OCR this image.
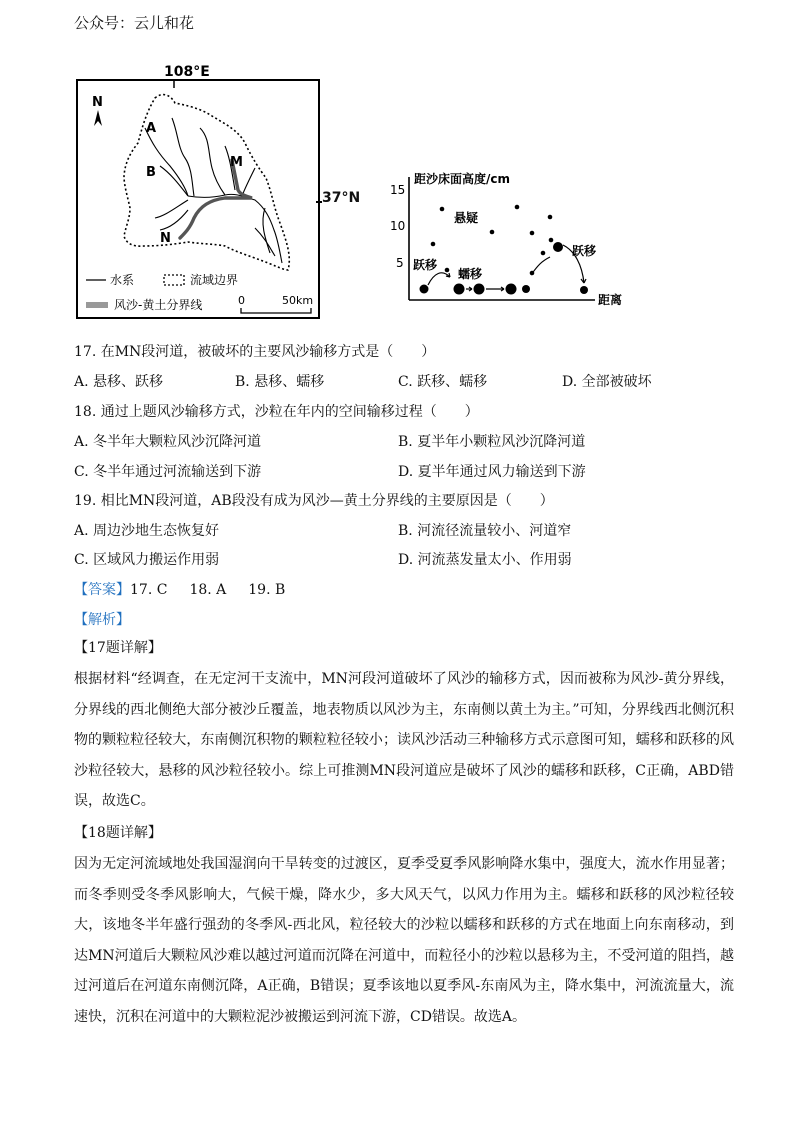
公众号：云儿和花
108°E
N
A
B
M
N
水系	流域边界
风沙-黄土分界线	0	50km
37°N
距沙床面高度/cm
15
10
5
距离
悬疑
跃移
蠕移
跃移
17. 在MN段河道，被破坏的主要风沙输移方式是（　　）
A. 悬移、跃移	B. 悬移、蠕移	C. 跃移、蠕移	D. 全部被破坏
18. 通过上题风沙输移方式，沙粒在年内的空间输移过程（　　）
A. 冬半年大颗粒风沙沉降河道	B. 夏半年小颗粒风沙沉降河道
C. 冬半年通过河流输送到下游	D. 夏半年通过风力输送到下游
19. 相比MN段河道，AB段没有成为风沙—黄土分界线的主要原因是（　　）
A. 周边沙地生态恢复好	B. 河流径流量较小、河道窄
C. 区域风力搬运作用弱	D. 河流蒸发量太小、作用弱
【答案】17. C 18. A 19. B
【解析】
【17题详解】
根据材料“经调查，在无定河干支流中，MN河段河道破坏了风沙的输移方式，因而被称为风沙-黄分界线，分界线的西北侧绝大部分被沙丘覆盖，地表物质以风沙为主，东南侧以黄土为主。”可知，分界线西北侧沉积物的颗粒粒径较大，东南侧沉积物的颗粒粒径较小；读风沙活动三种输移方式示意图可知，蠕移和跃移的风沙粒径较大，悬移的风沙粒径较小。综上可推测MN段河道应是破坏了风沙的蠕移和跃移，C正确，ABD错误，故选C。
【18题详解】
因为无定河流域地处我国湿润向干旱转变的过渡区，夏季受夏季风影响降水集中，强度大，流水作用显著；而冬季则受冬季风影响大，气候干燥，降水少，多大风天气，以风力作用为主。蠕移和跃移的风沙粒径较大，该地冬半年盛行强劲的冬季风-西北风，粒径较大的沙粒以蠕移和跃移的方式在地面上向东南移动，到达MN河道后大颗粒风沙难以越过河道而沉降在河道中，而粒径小的沙粒以悬移为主，不受河道的阻挡，越过河道后在河道东南侧沉降，A正确，B错误；夏季该地以夏季风-东南风为主，降水集中，河流流量大，流速快，沉积在河道中的大颗粒泥沙被搬运到河流下游，CD错误。故选A。
